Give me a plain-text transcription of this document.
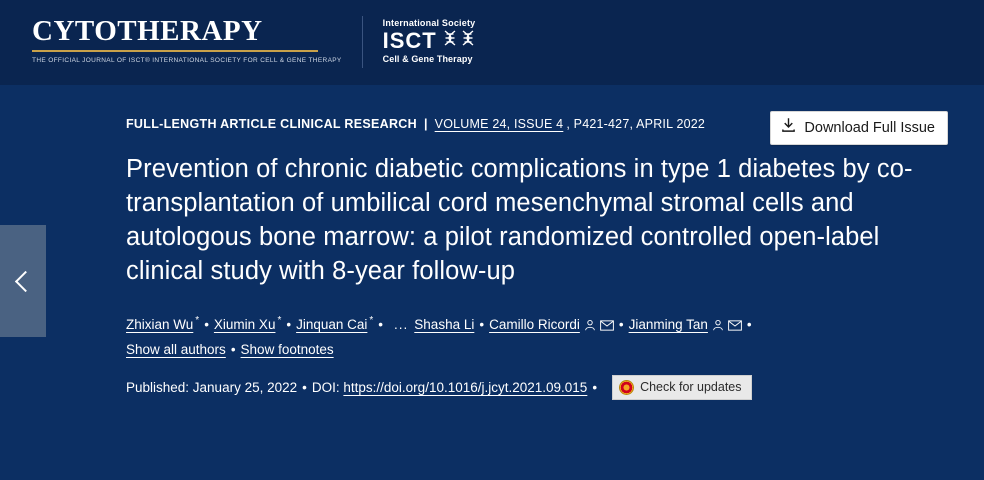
CYTOTHERAPY
THE OFFICIAL JOURNAL OF ISCT® INTERNATIONAL SOCIETY FOR CELL & GENE THERAPY
International Society
ISCT
Cell & Gene Therapy
FULL-LENGTH ARTICLE CLINICAL RESEARCH | VOLUME 24, ISSUE 4 , P421-427, APRIL 2022	Download Full Issue
Prevention of chronic diabetic complications in type 1 diabetes by co-transplantation of umbilical cord mesenchymal stromal cells and autologous bone marrow: a pilot randomized controlled open-label clinical study with 8-year follow-up
Zhixian Wu * • Xiumin Xu * • Jinquan Cai * • ... Shasha Li • Camillo Ricordi	• Jianming Tan	•
Show all authors • Show footnotes
Published: January 25, 2022 • DOI:
https://doi.org/10.1016/j.jcyt.2021.09.015 •	Check for updates
